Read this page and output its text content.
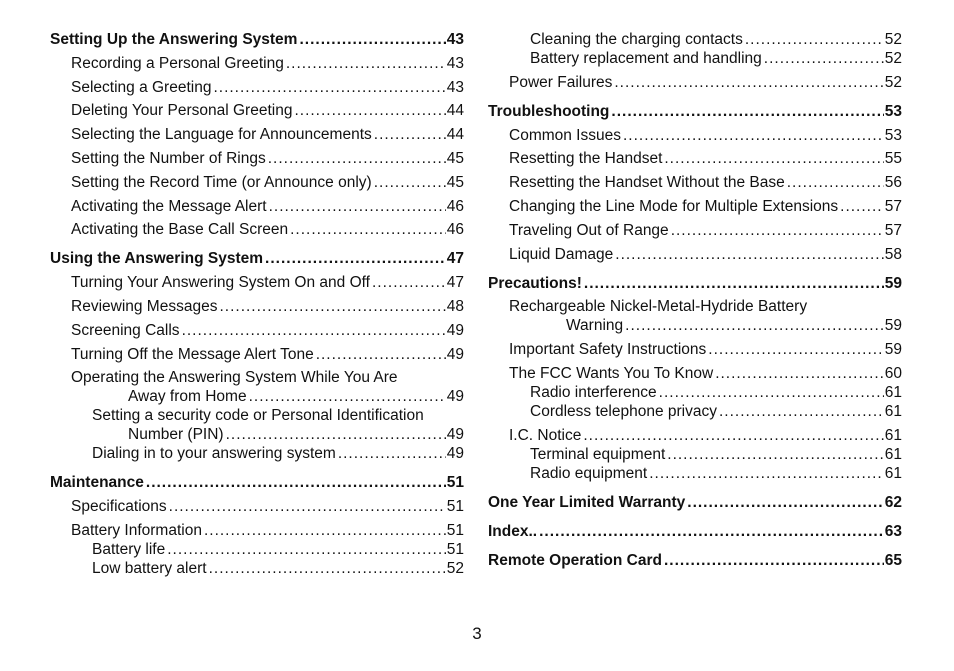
Setting Up the Answering System .....	43
Recording a Personal Greeting .....	43
Selecting a Greeting .....	43
Deleting Your Personal Greeting .....	44
Selecting the Language for Announcements .....	44
Setting the Number of Rings .....	45
Setting the Record Time (or Announce only) .....	45
Activating the Message Alert .....	46
Activating the Base Call Screen .....	46
Using the Answering System .....	47
Turning Your Answering System On and Off .....	47
Reviewing Messages .....	48
Screening Calls .....	49
Turning Off the Message Alert Tone .....	49
Operating the Answering System While You Are
Away from Home .....	49
Setting a security code or Personal Identification
Number (PIN) .....	49
Dialing in to your answering system .....	49
Maintenance .....	51
Specifications .....	51
Battery Information .....	51
Battery life .....	51
Low battery alert .....	52
Cleaning the charging contacts .....	52
Battery replacement and handling .....	52
Power Failures .....	52
Troubleshooting .....	53
Common Issues .....	53
Resetting the Handset .....	55
Resetting the Handset Without the Base .....	56
Changing the Line Mode for Multiple Extensions .....	57
Traveling Out of Range .....	57
Liquid Damage .....	58
Precautions! .....	59
Rechargeable Nickel-Metal-Hydride Battery
Warning .....	59
Important Safety Instructions .....	59
The FCC Wants You To Know .....	60
Radio interference .....	61
Cordless telephone privacy .....	61
I.C. Notice .....	61
Terminal equipment .....	61
Radio equipment .....	61
One Year Limited Warranty .....	62
Index.. .....	63
Remote Operation Card .....	65
3
